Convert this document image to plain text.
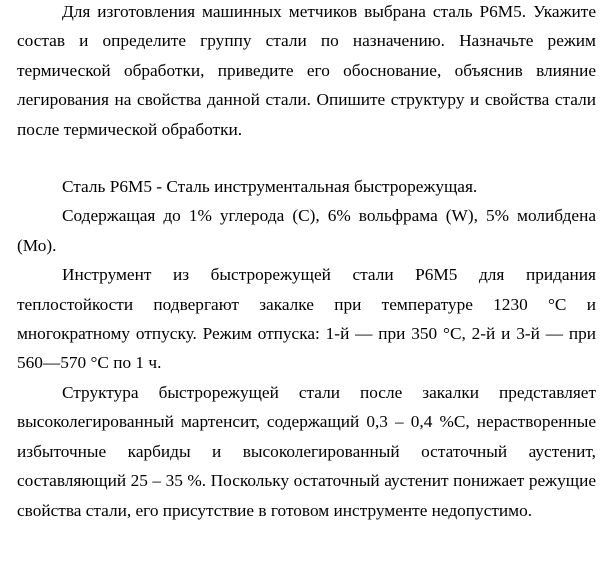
Для изготовления машинных метчиков выбрана сталь Р6М5. Укажите состав и определите группу стали по назначению. Назначьте режим термической обработки, приведите его обоснование, объяснив влияние легирования на свойства данной стали. Опишите структуру и свойства стали после термической обработки.

Сталь Р6М5 - Сталь инструментальная быстрорежущая.

Содержащая до 1% углерода (С), 6% вольфрама (W), 5% молибдена (Мо).

Инструмент из быстрорежущей стали Р6М5 для придания теплостойкости подвергают закалке при температуре 1230 °С и многократному отпуску. Режим отпуска: 1-й — при 350 °С, 2-й и 3-й — при 560—570 °С по 1 ч.

Структура быстрорежущей стали после закалки представляет высоколегированный мартенсит, содержащий 0,3 – 0,4 %С, нерастворенные избыточные карбиды и высоколегированный остаточный аустенит, составляющий 25 – 35 %. Поскольку остаточный аустенит понижает режущие свойства стали, его присутствие в готовом инструменте недопустимо.
